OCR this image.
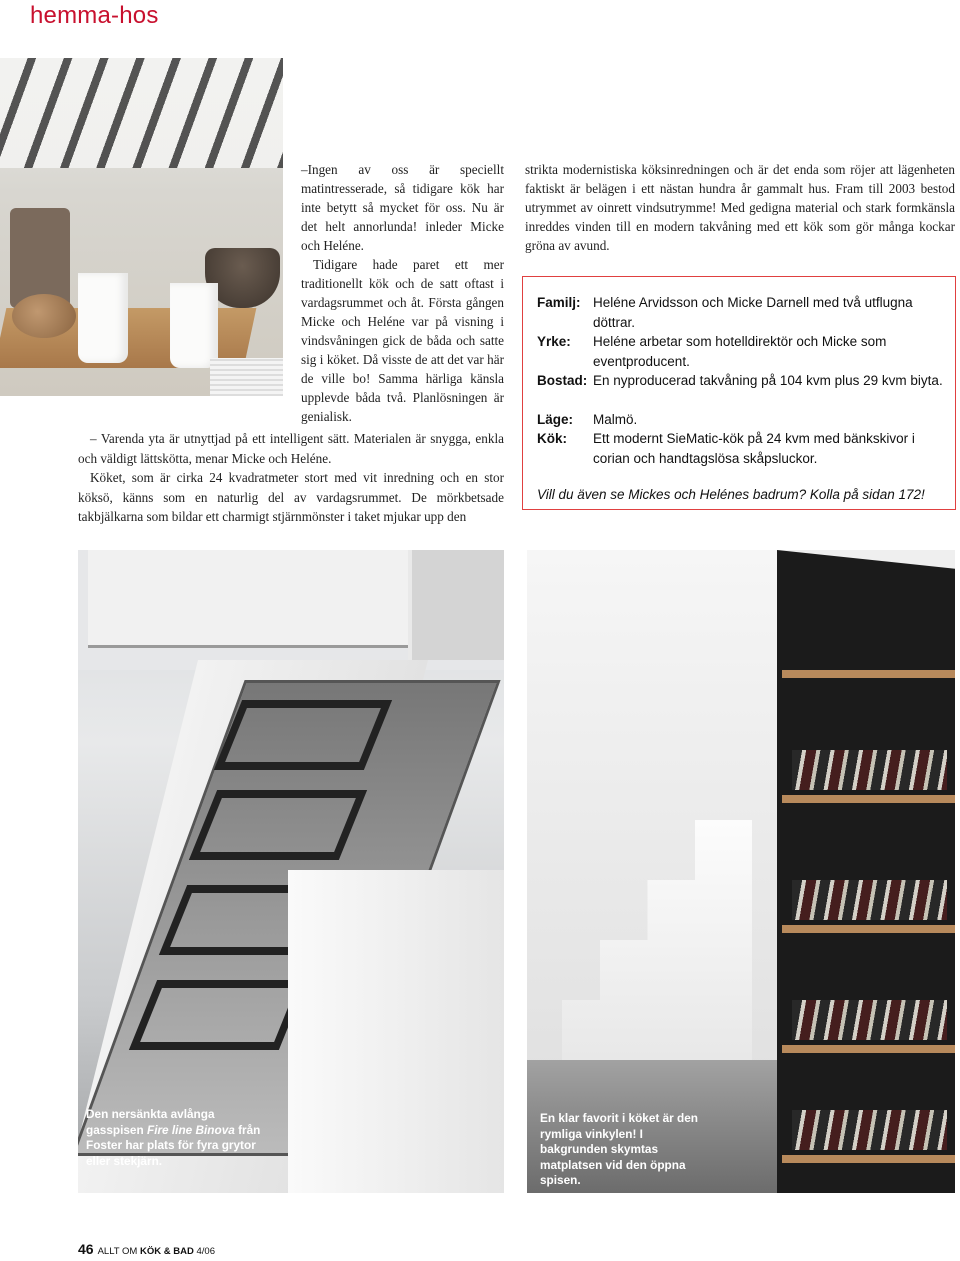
hemma-hos

–Ingen av oss är speciellt matintresserade, så tidigare kök har inte betytt så mycket för oss. Nu är det helt annorlunda! inleder Micke och Heléne.

Tidigare hade paret ett mer traditionellt kök och de satt oftast i vardagsrummet och åt. Första gången Micke och Heléne var på visning i vindsvåningen gick de båda och satte sig i köket. Då visste de att det var här de ville bo! Samma härliga känsla upplevde båda två. Planlösningen är genialisk.

– Varenda yta är utnyttjad på ett intelligent sätt. Materialen är snygga, enkla och väldigt lättskötta, menar Micke och Heléne.

Köket, som är cirka 24 kvadratmeter stort med vit inredning och en stor köksö, känns som en naturlig del av vardagsrummet. De mörkbetsade takbjälkarna som bildar ett charmigt stjärnmönster i taket mjukar upp den

strikta modernistiska köksinredningen och är det enda som röjer att lägenheten faktiskt är belägen i ett nästan hundra år gammalt hus. Fram till 2003 bestod utrymmet av oinrett vindsutrymme! Med gedigna material och stark formkänsla inreddes vinden till en modern takvåning med ett kök som gör många kockar gröna av avund.

Familj: Heléne Arvidsson och Micke Darnell med två utflugna döttrar.
Yrke:	Heléne arbetar som hotelldirektör och Micke som eventproducent.
Bostad: En nyproducerad takvåning på 104 kvm plus 29 kvm biyta.
Läge:	Malmö.
Kök:	Ett modernt SieMatic-kök på 24 kvm med bänkskivor i corian och handtagslösa skåpsluckor.
Vill du även se Mickes och Helénes badrum? Kolla på sidan 172!
Den nersänkta avlånga gasspisen Fire line Binova från Foster har plats för fyra grytor eller stekjärn.
En klar favorit i köket är den rymliga vinkylen! I bakgrunden skymtas matplatsen vid den öppna spisen.
46 ALLT OM KÖK & BAD 4/06
